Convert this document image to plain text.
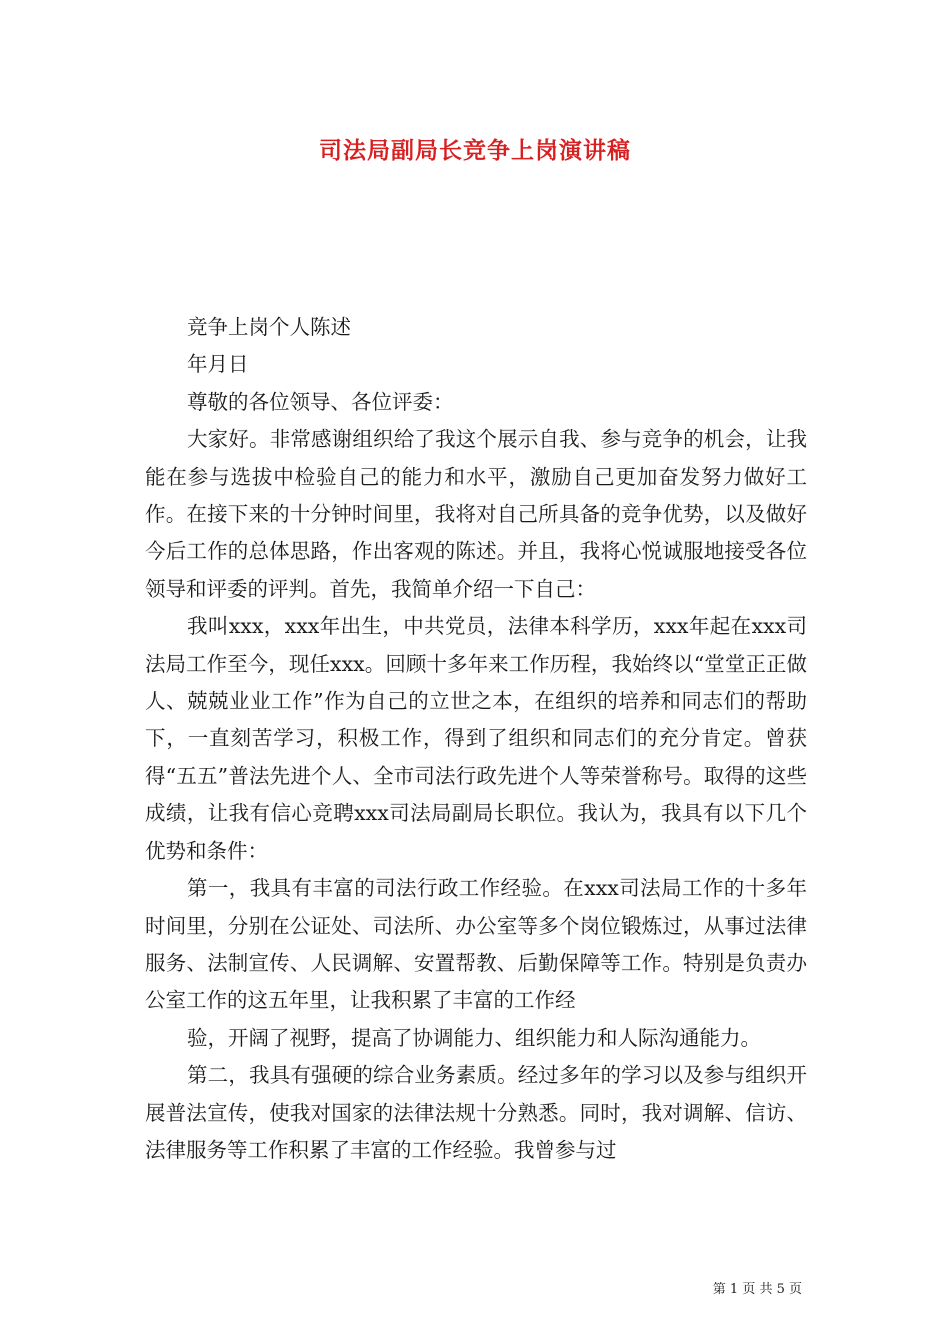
司法局副局长竞争上岗演讲稿

竞争上岗个人陈述

年月日

尊敬的各位领导、各位评委：

大家好。非常感谢组织给了我这个展示自我、参与竞争的机会，让我能在参与选拔中检验自己的能力和水平，激励自己更加奋发努力做好工作。在接下来的十分钟时间里，我将对自己所具备的竞争优势，以及做好今后工作的总体思路，作出客观的陈述。并且，我将心悦诚服地接受各位领导和评委的评判。首先，我简单介绍一下自己：

我叫xxx，xxx年出生，中共党员，法律本科学历，xxx年起在xxx司法局工作至今，现任xxx。回顾十多年来工作历程，我始终以“堂堂正正做人、兢兢业业工作”作为自己的立世之本，在组织的培养和同志们的帮助下，一直刻苦学习，积极工作，得到了组织和同志们的充分肯定。曾获得“五五”普法先进个人、全市司法行政先进个人等荣誉称号。取得的这些成绩，让我有信心竞聘xxx司法局副局长职位。我认为，我具有以下几个优势和条件：

第一，我具有丰富的司法行政工作经验。在xxx司法局工作的十多年时间里，分别在公证处、司法所、办公室等多个岗位锻炼过，从事过法律服务、法制宣传、人民调解、安置帮教、后勤保障等工作。特别是负责办公室工作的这五年里，让我积累了丰富的工作经

验，开阔了视野，提高了协调能力、组织能力和人际沟通能力。

第二，我具有强硬的综合业务素质。经过多年的学习以及参与组织开展普法宣传，使我对国家的法律法规十分熟悉。同时，我对调解、信访、法律服务等工作积累了丰富的工作经验。我曾参与过

第 1 页 共 5 页
